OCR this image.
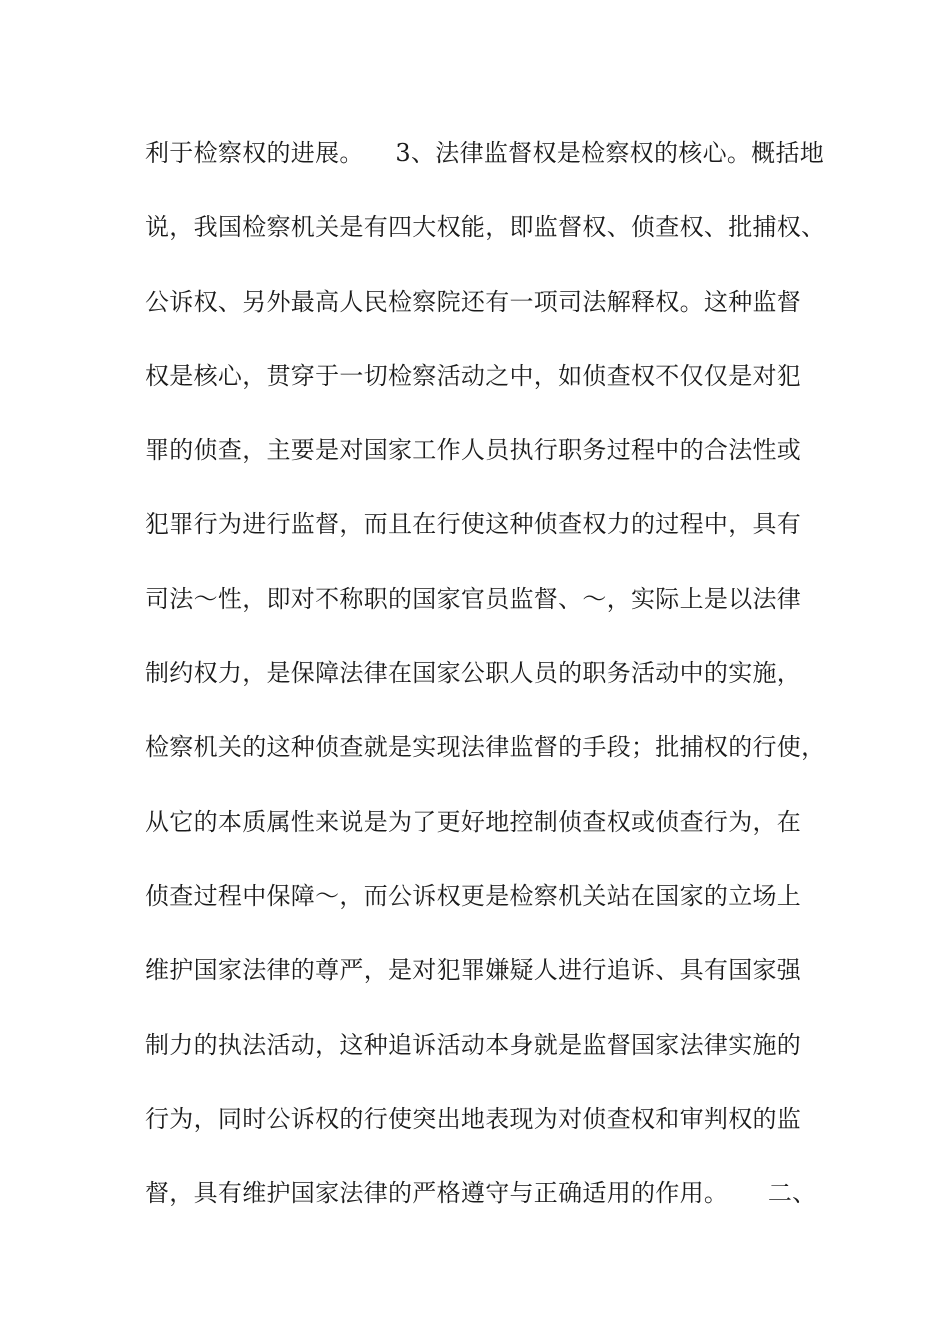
利于检察权的进展。    3、法律监督权是检察权的核心。概括地
说，我国检察机关是有四大权能，即监督权、侦查权、批捕权、
公诉权、另外最高人民检察院还有一项司法解释权。这种监督
权是核心，贯穿于一切检察活动之中，如侦查权不仅仅是对犯
罪的侦查，主要是对国家工作人员执行职务过程中的合法性或
犯罪行为进行监督，而且在行使这种侦查权力的过程中，具有
司法～性，即对不称职的国家官员监督、～，实际上是以法律
制约权力，是保障法律在国家公职人员的职务活动中的实施，
检察机关的这种侦查就是实现法律监督的手段；批捕权的行使，
从它的本质属性来说是为了更好地控制侦查权或侦查行为，在
侦查过程中保障～，而公诉权更是检察机关站在国家的立场上
维护国家法律的尊严，是对犯罪嫌疑人进行追诉、具有国家强
制力的执法活动，这种追诉活动本身就是监督国家法律实施的
行为，同时公诉权的行使突出地表现为对侦查权和审判权的监
督，具有维护国家法律的严格遵守与正确适用的作用。     二、
